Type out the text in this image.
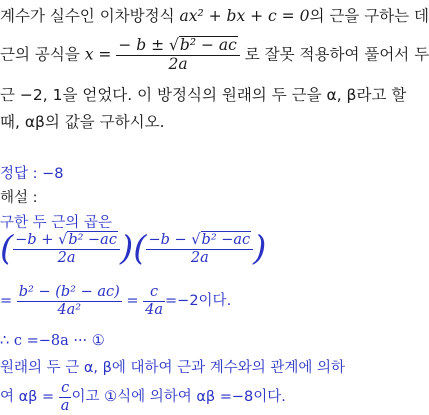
계수가 실수인 이차방정식 ax² + bx + c = 0의 근을 구하는 데
근의 공식을 $x = \frac{\text{− b ± √b² − ac}}{2a}$ 로 잘못 적용하여 풀어서 두
근 −2, 1을 얻었다. 이 방정식의 원래의 두 근을 α, β라고 할
때, αβ의 값을 구하시오.
정답 : −8
해설 :
구한 두 근의 곱은
( $\frac{\text{−b + √b² −ac}}{2a}$ )( $\frac{\text{−b − √b² −ac}}{2a}$ )
= $\frac{\text{b² − (b² − ac)}}{\text{4a²}} = \frac{c}{4a} =-2$이다.
∴ c =−8a ··· ①
원래의 두 근 α, β에 대하여 근과 계수와의 관계에 의하
여 $\alpha\beta = \frac{c}{a}$ 이고 ①식에 의하여 αβ =−8이다.
